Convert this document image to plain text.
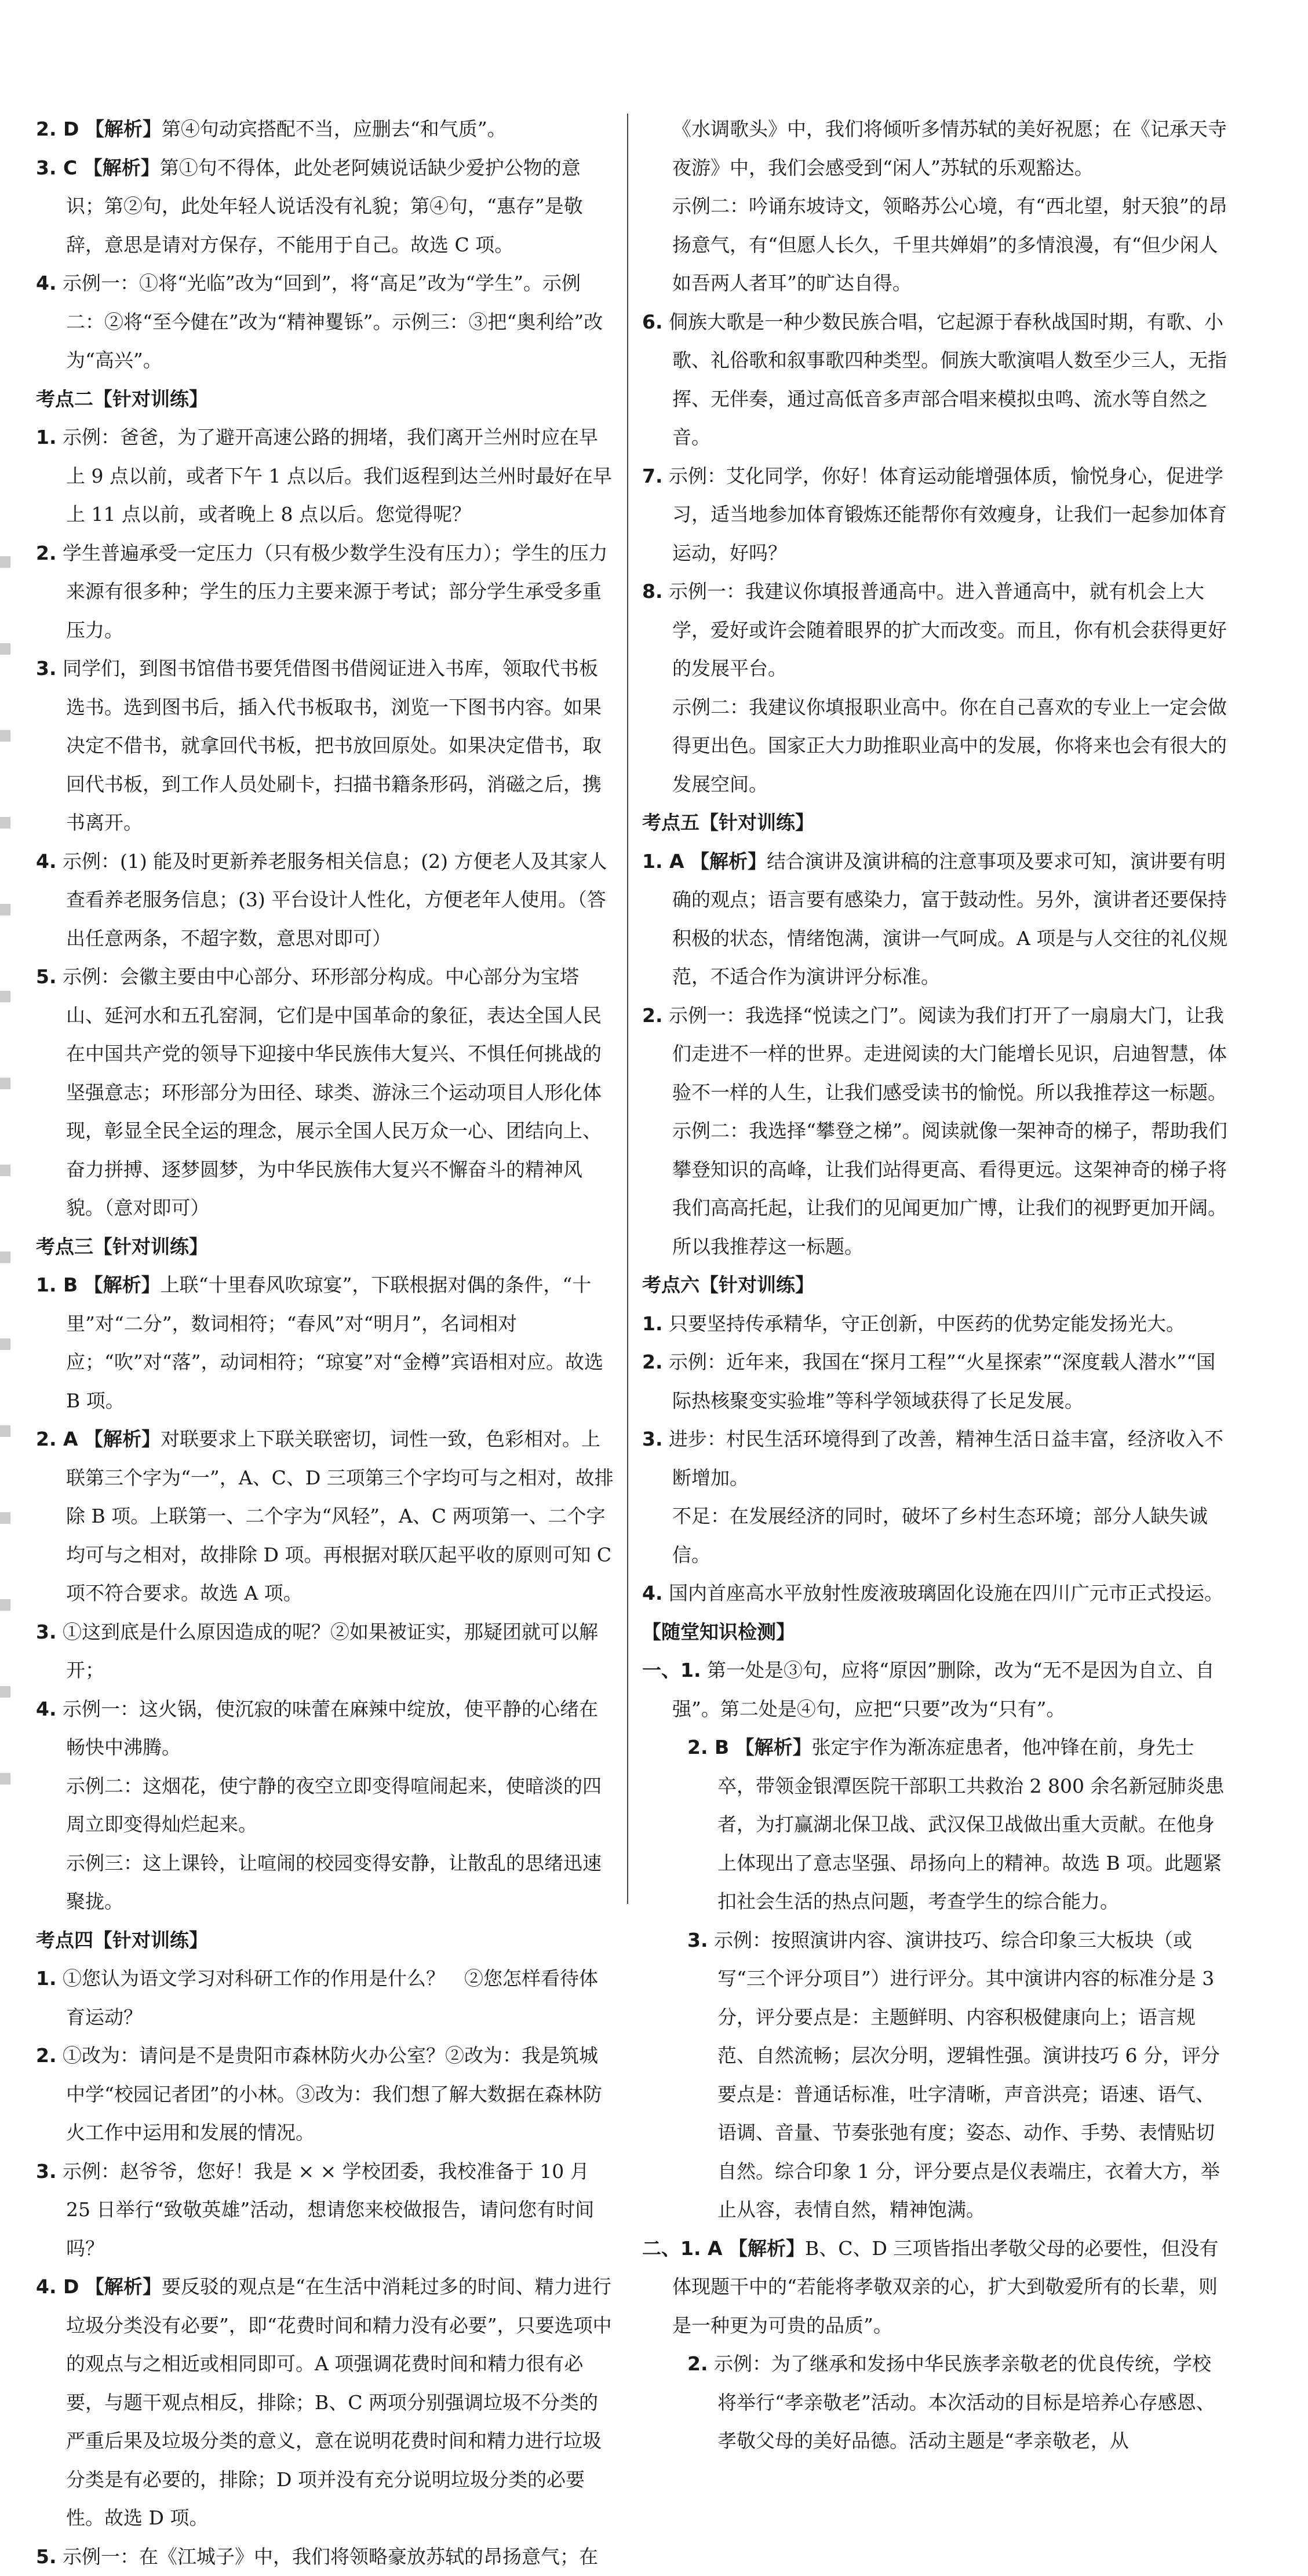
2. D 【解析】第④句动宾搭配不当，应删去“和气质”。
3. C 【解析】第①句不得体，此处老阿姨说话缺少爱护公物的意识；第②句，此处年轻人说话没有礼貌；第④句，“惠存”是敬辞，意思是请对方保存，不能用于自己。故选 C 项。
4. 示例一：①将“光临”改为“回到”，将“高足”改为“学生”。示例二：②将“至今健在”改为“精神矍铄”。示例三：③把“奥利给”改为“高兴”。
考点二【针对训练】
1. 示例：爸爸，为了避开高速公路的拥堵，我们离开兰州时应在早上 9 点以前，或者下午 1 点以后。我们返程到达兰州时最好在早上 11 点以前，或者晚上 8 点以后。您觉得呢？
2. 学生普遍承受一定压力（只有极少数学生没有压力）；学生的压力来源有很多种；学生的压力主要来源于考试；部分学生承受多重压力。
3. 同学们，到图书馆借书要凭借图书借阅证进入书库，领取代书板选书。选到图书后，插入代书板取书，浏览一下图书内容。如果决定不借书，就拿回代书板，把书放回原处。如果决定借书，取回代书板，到工作人员处刷卡，扫描书籍条形码，消磁之后，携书离开。
4. 示例：(1) 能及时更新养老服务相关信息；(2) 方便老人及其家人查看养老服务信息；(3) 平台设计人性化，方便老年人使用。（答出任意两条，不超字数，意思对即可）
5. 示例：会徽主要由中心部分、环形部分构成。中心部分为宝塔山、延河水和五孔窑洞，它们是中国革命的象征，表达全国人民在中国共产党的领导下迎接中华民族伟大复兴、不惧任何挑战的坚强意志；环形部分为田径、球类、游泳三个运动项目人形化体现，彰显全民全运的理念，展示全国人民万众一心、团结向上、奋力拼搏、逐梦圆梦，为中华民族伟大复兴不懈奋斗的精神风貌。（意对即可）
考点三【针对训练】
1. B 【解析】上联“十里春风吹琼宴”，下联根据对偶的条件，“十里”对“二分”，数词相符；“春风”对“明月”，名词相对应；“吹”对“落”，动词相符；“琼宴”对“金樽”宾语相对应。故选 B 项。
2. A 【解析】对联要求上下联关联密切，词性一致，色彩相对。上联第三个字为“一”，A、C、D 三项第三个字均可与之相对，故排除 B 项。上联第一、二个字为“风轻”，A、C 两项第一、二个字均可与之相对，故排除 D 项。再根据对联仄起平收的原则可知 C 项不符合要求。故选 A 项。
3. ①这到底是什么原因造成的呢？②如果被证实，那疑团就可以解开；
4. 示例一：这火锅，使沉寂的味蕾在麻辣中绽放，使平静的心绪在畅快中沸腾。
示例二：这烟花，使宁静的夜空立即变得喧闹起来，使暗淡的四周立即变得灿烂起来。
示例三：这上课铃，让喧闹的校园变得安静，让散乱的思绪迅速聚拢。
考点四【针对训练】
1. ①您认为语文学习对科研工作的作用是什么？　②您怎样看待体育运动？
2. ①改为：请问是不是贵阳市森林防火办公室？②改为：我是筑城中学“校园记者团”的小林。③改为：我们想了解大数据在森林防火工作中运用和发展的情况。
3. 示例：赵爷爷，您好！我是 × × 学校团委，我校准备于 10 月 25 日举行“致敬英雄”活动，想请您来校做报告，请问您有时间吗？
4. D 【解析】要反驳的观点是“在生活中消耗过多的时间、精力进行垃圾分类没有必要”，即“花费时间和精力没有必要”，只要选项中的观点与之相近或相同即可。A 项强调花费时间和精力很有必要，与题干观点相反，排除；B、C 两项分别强调垃圾不分类的严重后果及垃圾分类的意义，意在说明花费时间和精力进行垃圾分类是有必要的，排除；D 项并没有充分说明垃圾分类的必要性。故选 D 项。
5. 示例一：在《江城子》中，我们将领略豪放苏轼的昂扬意气；在
《水调歌头》中，我们将倾听多情苏轼的美好祝愿；在《记承天寺夜游》中，我们会感受到“闲人”苏轼的乐观豁达。
示例二：吟诵东坡诗文，领略苏公心境，有“西北望，射天狼”的昂扬意气，有“但愿人长久，千里共婵娟”的多情浪漫，有“但少闲人如吾两人者耳”的旷达自得。
6. 侗族大歌是一种少数民族合唱，它起源于春秋战国时期，有歌、小歌、礼俗歌和叙事歌四种类型。侗族大歌演唱人数至少三人，无指挥、无伴奏，通过高低音多声部合唱来模拟虫鸣、流水等自然之音。
7. 示例：艾化同学，你好！体育运动能增强体质，愉悦身心，促进学习，适当地参加体育锻炼还能帮你有效瘦身，让我们一起参加体育运动，好吗？
8. 示例一：我建议你填报普通高中。进入普通高中，就有机会上大学，爱好或许会随着眼界的扩大而改变。而且，你有机会获得更好的发展平台。
示例二：我建议你填报职业高中。你在自己喜欢的专业上一定会做得更出色。国家正大力助推职业高中的发展，你将来也会有很大的发展空间。
考点五【针对训练】
1. A 【解析】结合演讲及演讲稿的注意事项及要求可知，演讲要有明确的观点；语言要有感染力，富于鼓动性。另外，演讲者还要保持积极的状态，情绪饱满，演讲一气呵成。A 项是与人交往的礼仪规范，不适合作为演讲评分标准。
2. 示例一：我选择“悦读之门”。阅读为我们打开了一扇扇大门，让我们走进不一样的世界。走进阅读的大门能增长见识，启迪智慧，体验不一样的人生，让我们感受读书的愉悦。所以我推荐这一标题。
示例二：我选择“攀登之梯”。阅读就像一架神奇的梯子，帮助我们攀登知识的高峰，让我们站得更高、看得更远。这架神奇的梯子将我们高高托起，让我们的见闻更加广博，让我们的视野更加开阔。所以我推荐这一标题。
考点六【针对训练】
1. 只要坚持传承精华，守正创新，中医药的优势定能发扬光大。
2. 示例：近年来，我国在“探月工程”“火星探索”“深度载人潜水”“国际热核聚变实验堆”等科学领域获得了长足发展。
3. 进步：村民生活环境得到了改善，精神生活日益丰富，经济收入不断增加。
不足：在发展经济的同时，破坏了乡村生态环境；部分人缺失诚信。
4. 国内首座高水平放射性废液玻璃固化设施在四川广元市正式投运。
【随堂知识检测】
一、1. 第一处是③句，应将“原因”删除，改为“无不是因为自立、自强”。第二处是④句，应把“只要”改为“只有”。
2. B 【解析】张定宇作为渐冻症患者，他冲锋在前，身先士卒，带领金银潭医院干部职工共救治 2 800 余名新冠肺炎患者，为打赢湖北保卫战、武汉保卫战做出重大贡献。在他身上体现出了意志坚强、昂扬向上的精神。故选 B 项。此题紧扣社会生活的热点问题，考查学生的综合能力。
3. 示例：按照演讲内容、演讲技巧、综合印象三大板块（或写“三个评分项目”）进行评分。其中演讲内容的标准分是 3 分，评分要点是：主题鲜明、内容积极健康向上；语言规范、自然流畅；层次分明，逻辑性强。演讲技巧 6 分，评分要点是：普通话标准，吐字清晰，声音洪亮；语速、语气、语调、音量、节奏张弛有度；姿态、动作、手势、表情贴切自然。综合印象 1 分，评分要点是仪表端庄，衣着大方，举止从容，表情自然，精神饱满。
二、1. A 【解析】B、C、D 三项皆指出孝敬父母的必要性，但没有体现题干中的“若能将孝敬双亲的心，扩大到敬爱所有的长辈，则是一种更为可贵的品质”。
2. 示例：为了继承和发扬中华民族孝亲敬老的优良传统，学校将举行“孝亲敬老”活动。本次活动的目标是培养心存感恩、孝敬父母的美好品德。活动主题是“孝亲敬老，从
